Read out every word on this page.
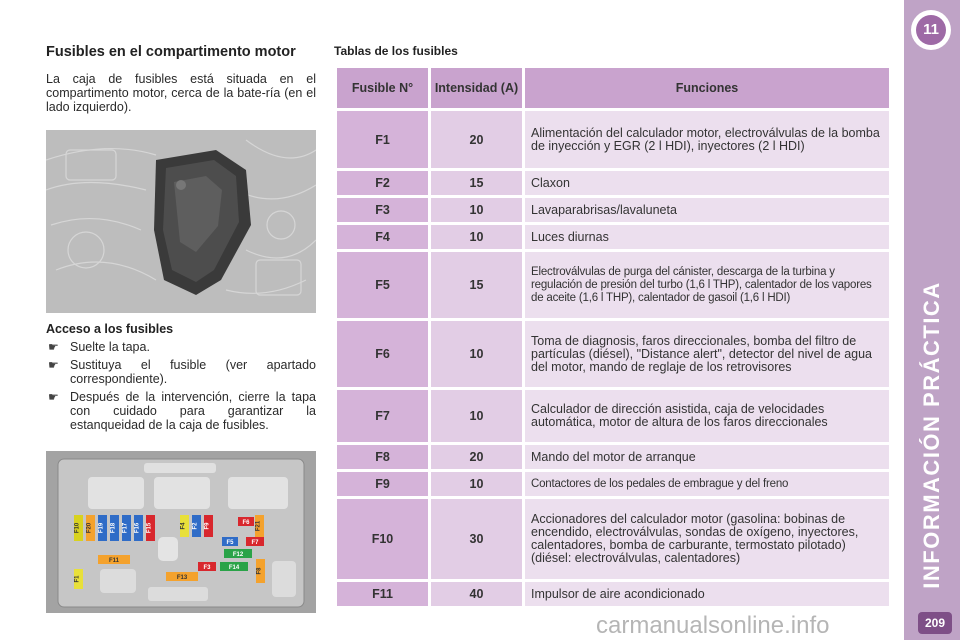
Fusibles en el compartimento motor

La caja de fusibles está situada en el compartimento motor, cerca de la bate-ría (en el lado izquierdo).

Acceso a los fusibles
☛ Suelte la tapa.
☛ Sustituya el fusible (ver apartado correspondiente).
☛ Después de la intervención, cierre la tapa con cuidado para garantizar la estanqueidad de la caja de fusibles.
F10 F20 F19 F18 F17 F16 F15	F4 F2 F9	F6 F21
F5	F7
F12
F11
F3	F14	F8
F13
F1
Tablas de los fusibles
Fusible N°	Intensidad (A)	Funciones
F1	20	Alimentación del calculador motor, electroválvulas de la bomba de inyección y EGR (2 l HDI), inyectores (2 l HDI)
F2	15	Claxon
F3	10	Lavaparabrisas/lavaluneta
F4	10	Luces diurnas
F5	15	Electroválvulas de purga del cánister, descarga de la turbina y regulación de presión del turbo (1,6 l THP), calentador de los vapores de aceite (1,6 l THP), calentador de gasoil (1,6 l HDI)
F6	10	Toma de diagnosis, faros direccionales, bomba del filtro de partículas (diésel), "Distance alert", detector del nivel de agua del motor, mando de reglaje de los retrovisores
F7	10	Calculador de dirección asistida, caja de velocidades automática, motor de altura de los faros direccionales
F8	20	Mando del motor de arranque
F9	10	Contactores de los pedales de embrague y del freno
F10	30	Accionadores del calculador motor (gasolina: bobinas de encendido, electroválvulas, sondas de oxígeno, inyectores, calentadores, bomba de carburante, termostato pilotado) (diésel: electroválvulas, calentadores)
F11	40	Impulsor de aire acondicionado
11
INFORMACIÓN PRÁCTICA
209
carmanualsonline.info
